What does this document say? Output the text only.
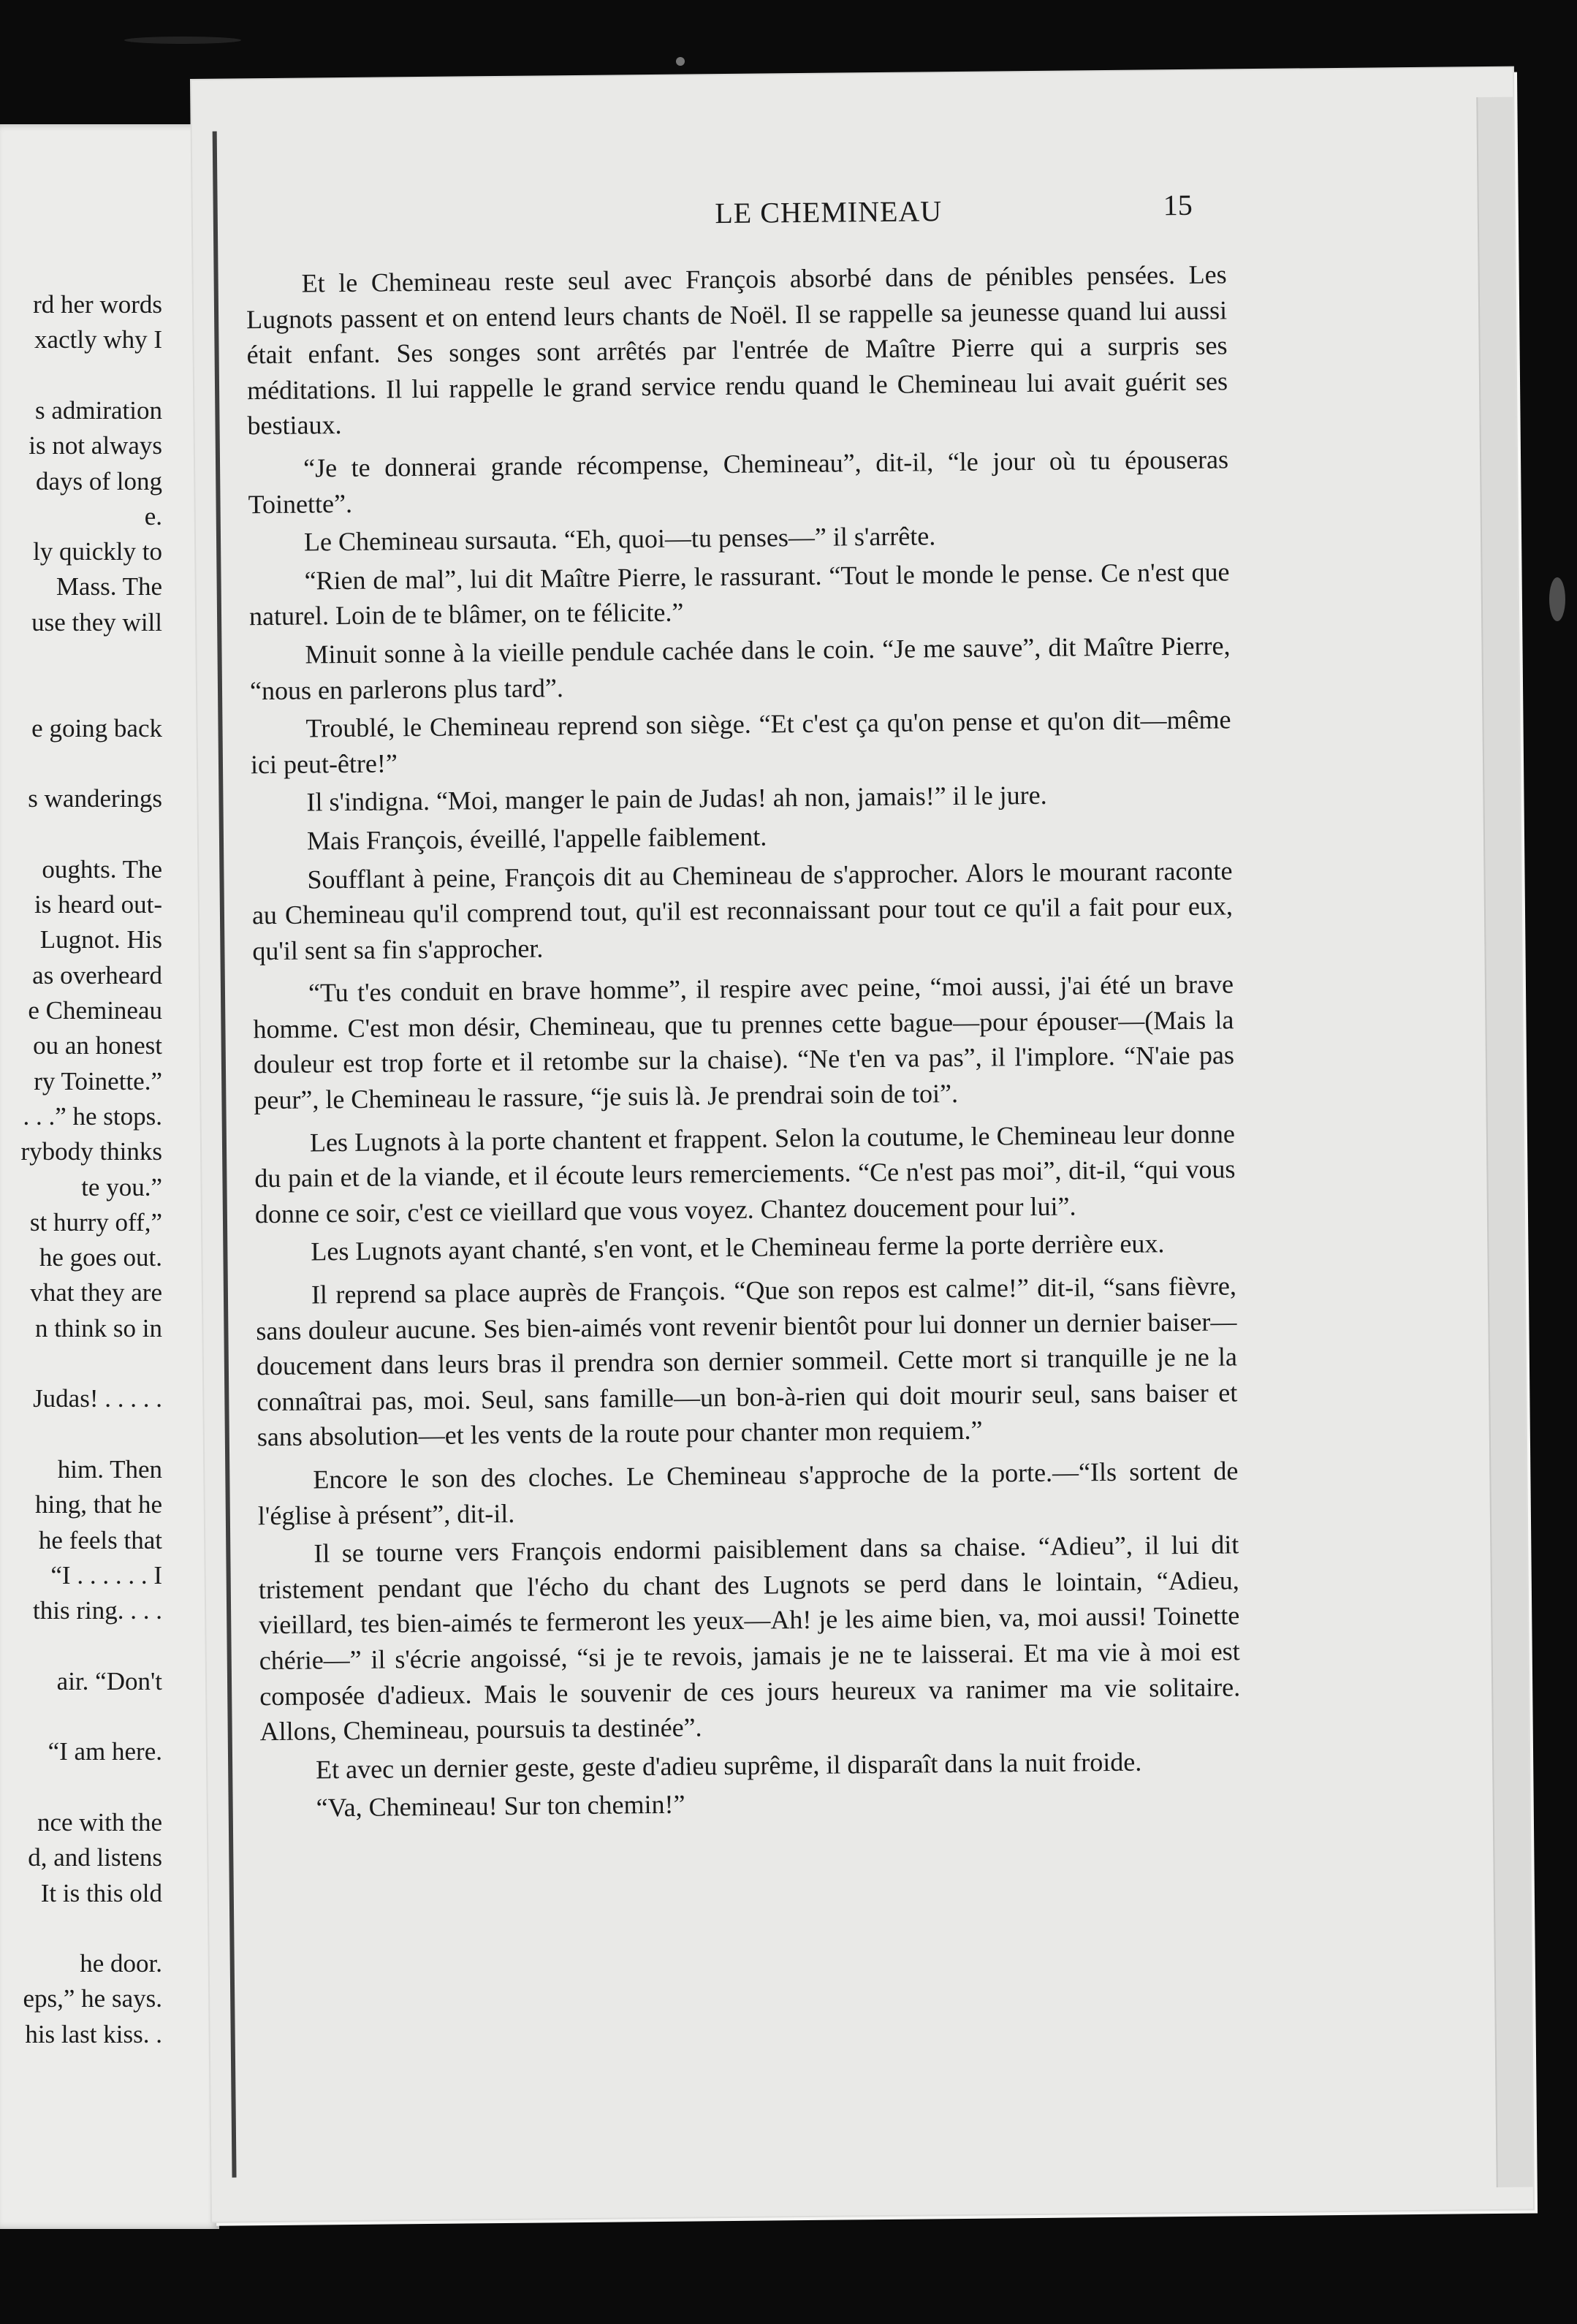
rd her words
xactly why I
s admiration
is not always
days of long
e.
ly quickly to
Mass. The
use they will
e going back
s wanderings
oughts. The
is heard out-
Lugnot. His
as overheard
e Chemineau
ou an honest
ry Toinette.”
. . .” he stops.
rybody thinks
te you.”
st hurry off,”
he goes out.
vhat they are
n think so in
Judas! . . . . .
him. Then
hing, that he
he feels that
“I . . . . . . I
this ring. . . .
air. “Don't
“I am here.
nce with the
d, and listens
It is this old
he door.
eps,” he says.
his last kiss. .
LE CHEMINEAU	15

Et le Chemineau reste seul avec François absorbé dans de pénibles pensées. Les Lugnots passent et on entend leurs chants de Noël. Il se rappelle sa jeunesse quand lui aussi était enfant. Ses songes sont arrêtés par l'entrée de Maître Pierre qui a surpris ses méditations. Il lui rappelle le grand service rendu quand le Chemineau lui avait guérit ses bestiaux.

“Je te donnerai grande récompense, Chemineau”, dit-il, “le jour où tu épouseras Toinette”.

Le Chemineau sursauta. “Eh, quoi—tu penses—” il s'arrête.

“Rien de mal”, lui dit Maître Pierre, le rassurant. “Tout le monde le pense. Ce n'est que naturel. Loin de te blâmer, on te félicite.”

Minuit sonne à la vieille pendule cachée dans le coin. “Je me sauve”, dit Maître Pierre, “nous en parlerons plus tard”.

Troublé, le Chemineau reprend son siège. “Et c'est ça qu'on pense et qu'on dit—même ici peut-être!”

Il s'indigna. “Moi, manger le pain de Judas! ah non, jamais!” il le jure.

Mais François, éveillé, l'appelle faiblement.

Soufflant à peine, François dit au Chemineau de s'approcher. Alors le mourant raconte au Chemineau qu'il comprend tout, qu'il est reconnaissant pour tout ce qu'il a fait pour eux, qu'il sent sa fin s'approcher.

“Tu t'es conduit en brave homme”, il respire avec peine, “moi aussi, j'ai été un brave homme. C'est mon désir, Chemineau, que tu prennes cette bague—pour épouser—(Mais la douleur est trop forte et il retombe sur la chaise). “Ne t'en va pas”, il l'implore. “N'aie pas peur”, le Chemineau le rassure, “je suis là. Je prendrai soin de toi”.

Les Lugnots à la porte chantent et frappent. Selon la coutume, le Chemineau leur donne du pain et de la viande, et il écoute leurs remerciements. “Ce n'est pas moi”, dit-il, “qui vous donne ce soir, c'est ce vieillard que vous voyez. Chantez doucement pour lui”.

Les Lugnots ayant chanté, s'en vont, et le Chemineau ferme la porte derrière eux.

Il reprend sa place auprès de François. “Que son repos est calme!” dit-il, “sans fièvre, sans douleur aucune. Ses bien-aimés vont revenir bientôt pour lui donner un dernier baiser—doucement dans leurs bras il prendra son dernier sommeil. Cette mort si tranquille je ne la connaîtrai pas, moi. Seul, sans famille—un bon-à-rien qui doit mourir seul, sans baiser et sans absolution—et les vents de la route pour chanter mon requiem.”

Encore le son des cloches. Le Chemineau s'approche de la porte.—“Ils sortent de l'église à présent”, dit-il.

Il se tourne vers François endormi paisiblement dans sa chaise. “Adieu”, il lui dit tristement pendant que l'écho du chant des Lugnots se perd dans le lointain, “Adieu, vieillard, tes bien-aimés te fermeront les yeux—Ah! je les aime bien, va, moi aussi! Toinette chérie—” il s'écrie angoissé, “si je te revois, jamais je ne te laisserai. Et ma vie à moi est composée d'adieux. Mais le souvenir de ces jours heureux va ranimer ma vie solitaire. Allons, Chemineau, poursuis ta destinée”.

Et avec un dernier geste, geste d'adieu suprême, il disparaît dans la nuit froide.

“Va, Chemineau! Sur ton chemin!”
